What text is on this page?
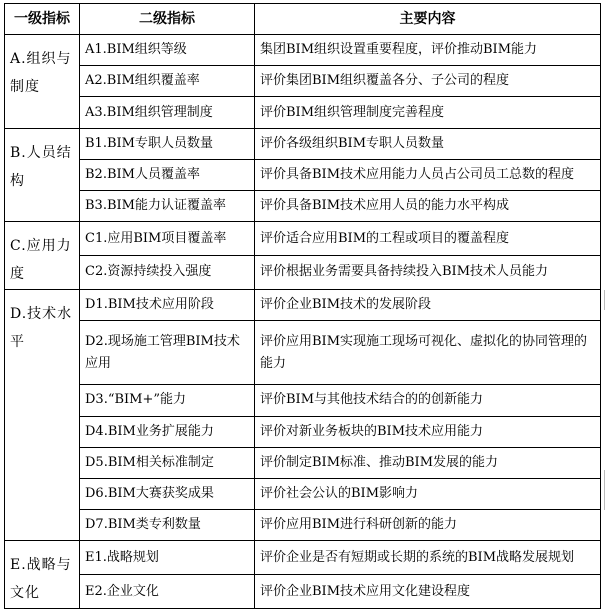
一级指标	二级指标	主要内容
A.组织与制度	A1.BIM组织等级	集团BIM组织设置重要程度，评价推动BIM能力
	A2.BIM组织覆盖率	评价集团BIM组织覆盖各分、子公司的程度
	A3.BIM组织管理制度	评价BIM组织管理制度完善程度
B.人员结构	B1.BIM专职人员数量	评价各级组织BIM专职人员数量
	B2.BIM人员覆盖率	评价具备BIM技术应用能力人员占公司员工总数的程度
	B3.BIM能力认证覆盖率	评价具备BIM技术应用人员的能力水平构成
C.应用力度	C1.应用BIM项目覆盖率	评价适合应用BIM的工程或项目的覆盖程度
	C2.资源持续投入强度	评价根据业务需要具备持续投入BIM技术人员能力
D.技术水平	D1.BIM技术应用阶段	评价企业BIM技术的发展阶段
	D2.现场施工管理BIM技术应用	评价应用BIM实现施工现场可视化、虚拟化的协同管理的能力
	D3.“BIM+”能力	评价BIM与其他技术结合的的创新能力
	D4.BIM业务扩展能力	评价对新业务板块的BIM技术应用能力
	D5.BIM相关标准制定	评价制定BIM标准、推动BIM发展的能力
	D6.BIM大赛获奖成果	评价社会公认的BIM影响力
	D7.BIM类专利数量	评价应用BIM进行科研创新的能力
E.战略与文化	E1.战略规划	评价企业是否有短期或长期的系统的BIM战略发展规划
	E2.企业文化	评价企业BIM技术应用文化建设程度
